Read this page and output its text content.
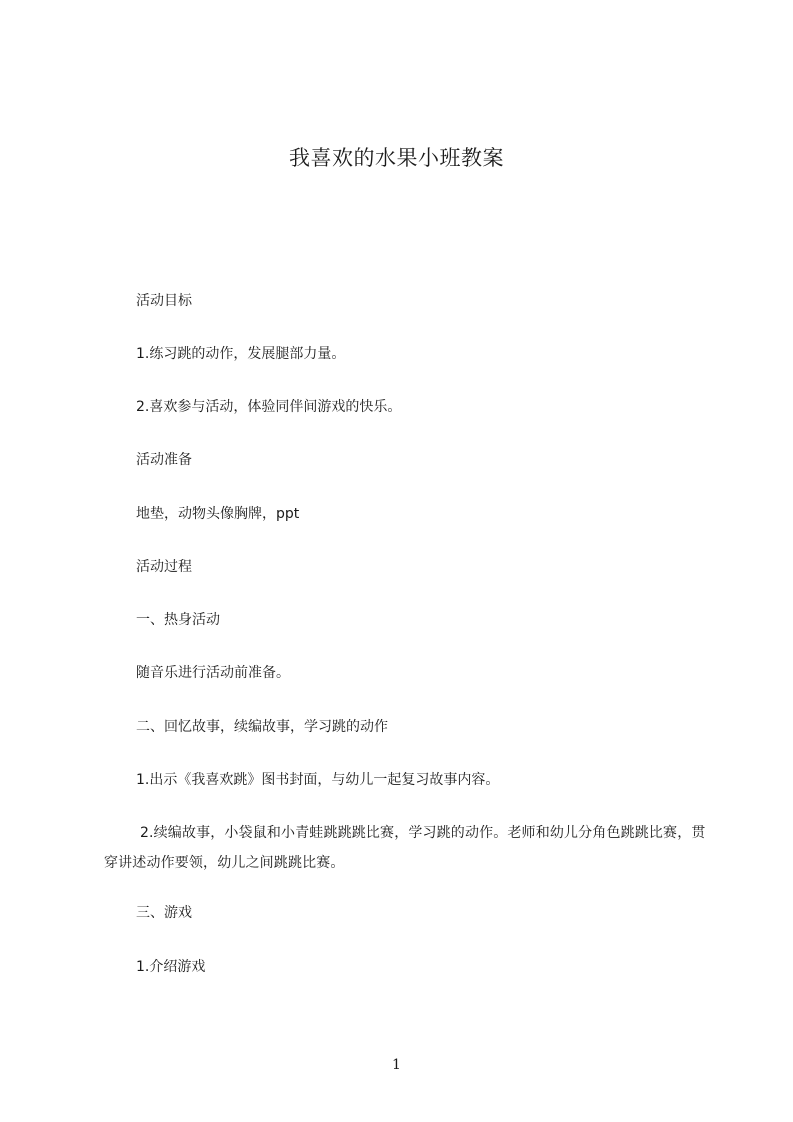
我喜欢的水果小班教案

活动目标

1.练习跳的动作，发展腿部力量。

2.喜欢参与活动，体验同伴间游戏的快乐。

活动准备

地垫，动物头像胸牌，ppt

活动过程

一、热身活动

随音乐进行活动前准备。

二、回忆故事，续编故事，学习跳的动作

1.出示《我喜欢跳》图书封面，与幼儿一起复习故事内容。

2.续编故事，小袋鼠和小青蛙跳跳跳比赛，学习跳的动作。老师和幼儿分角色跳跳比赛，贯穿讲述动作要领，幼儿之间跳跳比赛。

三、游戏

1.介绍游戏

1
